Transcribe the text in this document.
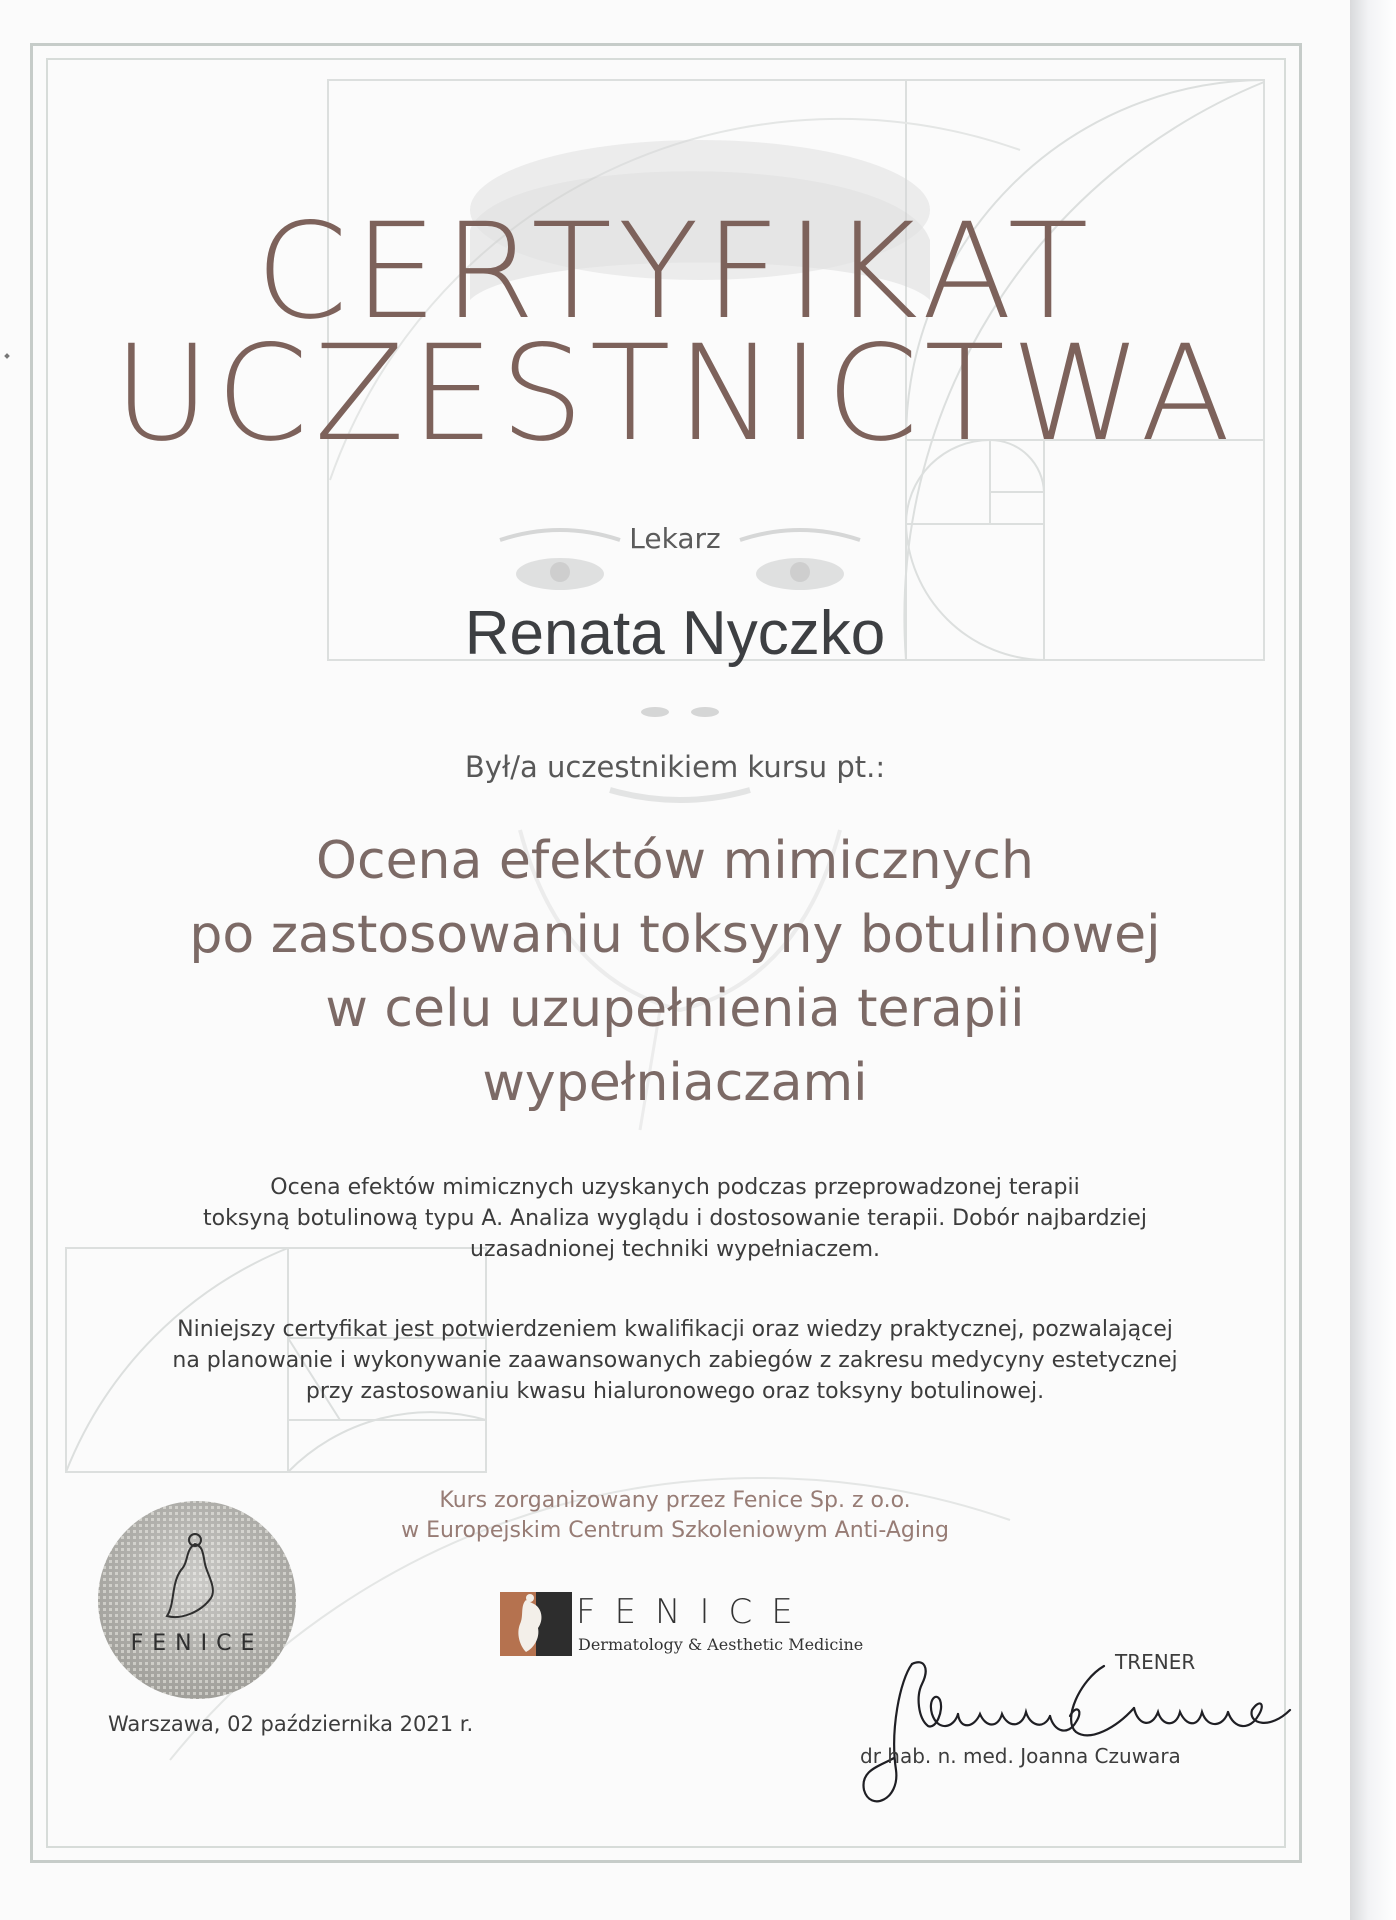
CERTYFIKAT
UCZESTNICTWA
Lekarz
Renata Nyczko
Był/a uczestnikiem kursu pt.:
Ocena efektów mimicznych
po zastosowaniu toksyny botulinowej
w celu uzupełnienia terapii
wypełniaczami
Ocena efektów mimicznych uzyskanych podczas przeprowadzonej terapii
toksyną botulinową typu A. Analiza wyglądu i dostosowanie terapii. Dobór najbardziej
uzasadnionej techniki wypełniaczem.
Niniejszy certyfikat jest potwierdzeniem kwalifikacji oraz wiedzy praktycznej, pozwalającej
na planowanie i wykonywanie zaawansowanych zabiegów z zakresu medycyny estetycznej
przy zastosowaniu kwasu hialuronowego oraz toksyny botulinowej.
Kurs zorganizowany przez Fenice Sp. z o.o.
w Europejskim Centrum Szkoleniowym Anti-Aging
FENICE
FENICE
Dermatology & Aesthetic Medicine
Warszawa, 02 października 2021 r.
TRENER
dr hab. n. med. Joanna Czuwara
